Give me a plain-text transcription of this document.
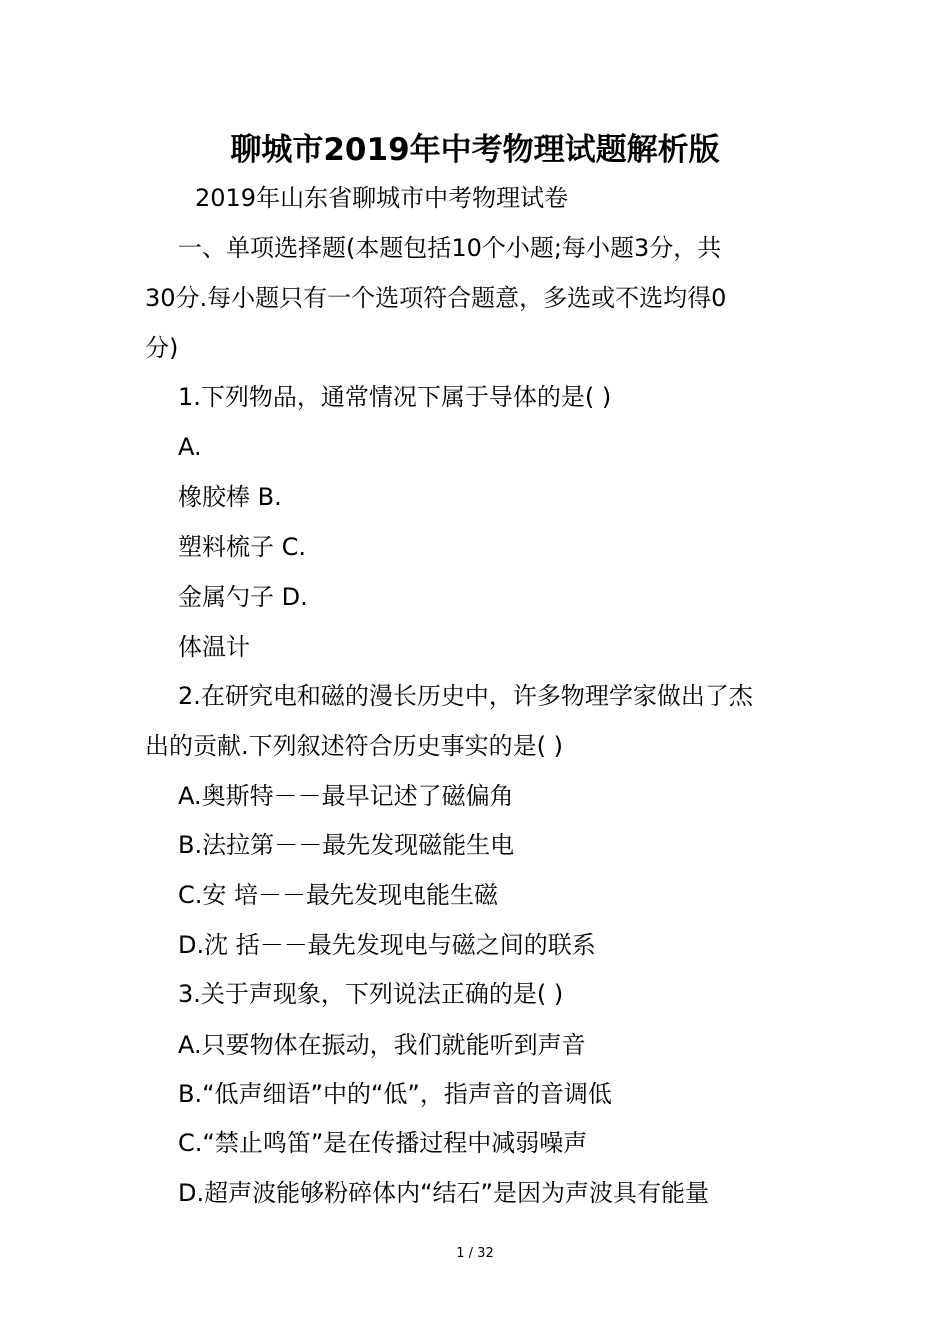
聊城市2019年中考物理试题解析版
2019年山东省聊城市中考物理试卷
一、单项选择题(本题包括10个小题;每小题3分，共
30分.每小题只有一个选项符合题意，多选或不选均得0
分)
1.下列物品，通常情况下属于导体的是( )
A.
橡胶棒 B.
塑料梳子 C.
金属勺子 D.
体温计
2.在研究电和磁的漫长历史中，许多物理学家做出了杰
出的贡献.下列叙述符合历史事实的是( )
A.奥斯特－－最早记述了磁偏角
B.法拉第－－最先发现磁能生电
C.安 培－－最先发现电能生磁
D.沈 括－－最先发现电与磁之间的联系
3.关于声现象，下列说法正确的是( )
A.只要物体在振动，我们就能听到声音
B.“低声细语”中的“低”，指声音的音调低
C.“禁止鸣笛”是在传播过程中减弱噪声
D.超声波能够粉碎体内“结石”是因为声波具有能量
1 / 32
